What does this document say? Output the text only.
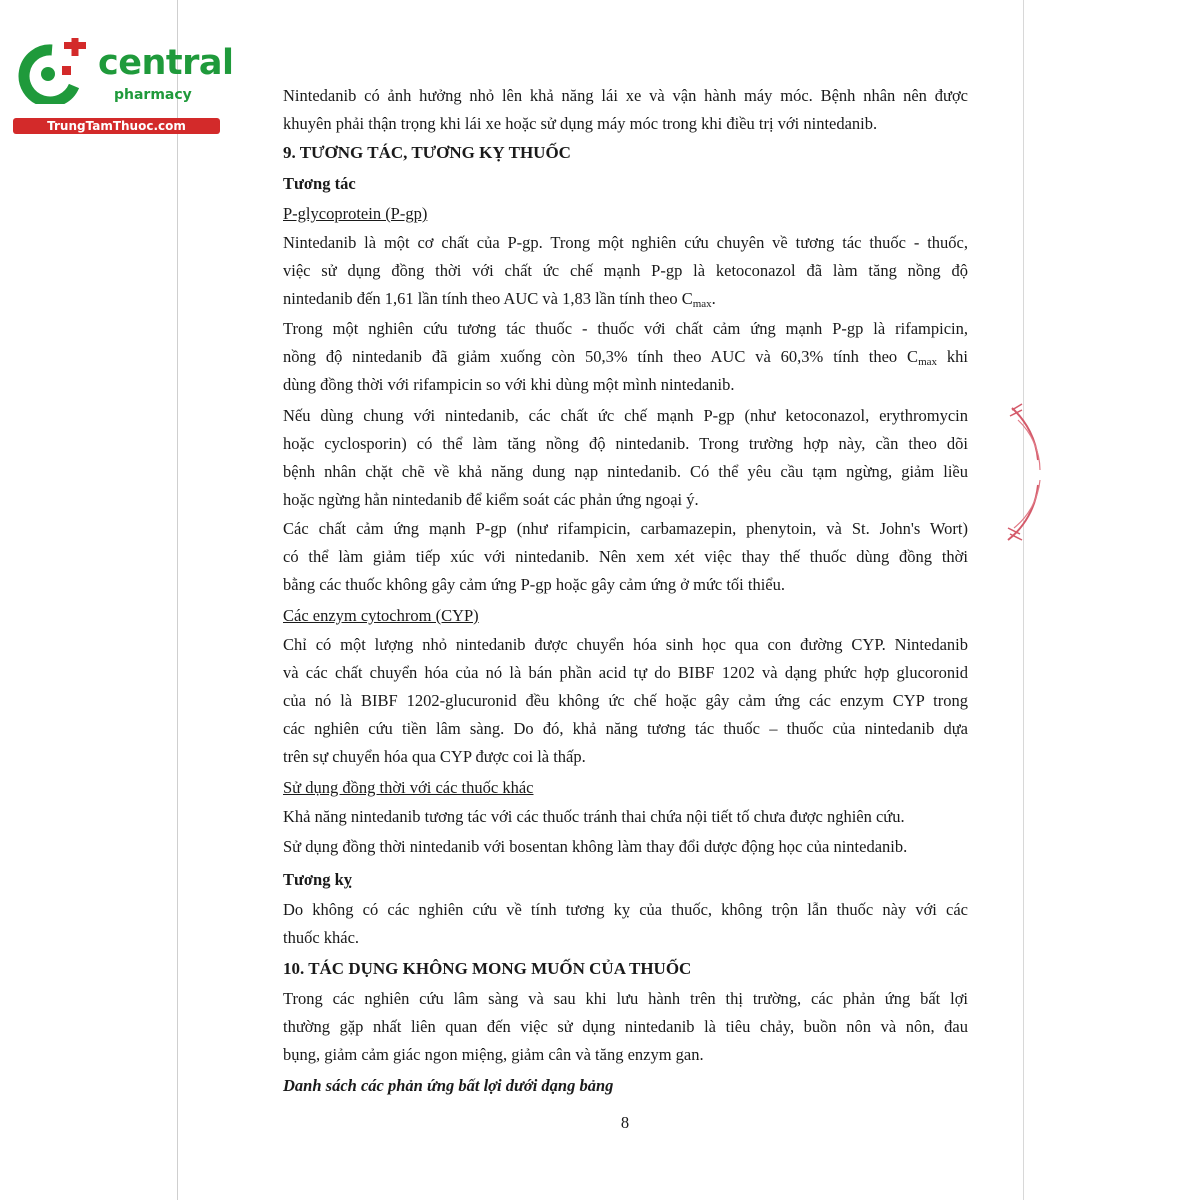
central
pharmacy
TrungTamThuoc.com
Nintedanib có ảnh hưởng nhỏ lên khả năng lái xe và vận hành máy móc. Bệnh nhân nên được
khuyên phải thận trọng khi lái xe hoặc sử dụng máy móc trong khi điều trị với nintedanib.
9. TƯƠNG TÁC, TƯƠNG KỴ THUỐC
Tương tác
P-glycoprotein (P-gp)
Nintedanib là một cơ chất của P-gp. Trong một nghiên cứu chuyên về tương tác thuốc - thuốc,
việc sử dụng đồng thời với chất ức chế mạnh P-gp là ketoconazol đã làm tăng nồng độ
nintedanib đến 1,61 lần tính theo AUC và 1,83 lần tính theo $C_{max}$.
Trong một nghiên cứu tương tác thuốc - thuốc với chất cảm ứng mạnh P-gp là rifampicin,
nồng độ nintedanib đã giảm xuống còn 50,3% tính theo AUC và 60,3% tính theo $C_{max}$ khi
dùng đồng thời với rifampicin so với khi dùng một mình nintedanib.
Nếu dùng chung với nintedanib, các chất ức chế mạnh P-gp (như ketoconazol, erythromycin
hoặc cyclosporin) có thể làm tăng nồng độ nintedanib. Trong trường hợp này, cần theo dõi
bệnh nhân chặt chẽ về khả năng dung nạp nintedanib. Có thể yêu cầu tạm ngừng, giảm liều
hoặc ngừng hẳn nintedanib để kiểm soát các phản ứng ngoại ý.
Các chất cảm ứng mạnh P-gp (như rifampicin, carbamazepin, phenytoin, và St. John's Wort)
có thể làm giảm tiếp xúc với nintedanib. Nên xem xét việc thay thế thuốc dùng đồng thời
bằng các thuốc không gây cảm ứng P-gp hoặc gây cảm ứng ở mức tối thiểu.
Các enzym cytochrom (CYP)
Chỉ có một lượng nhỏ nintedanib được chuyển hóa sinh học qua con đường CYP. Nintedanib
và các chất chuyển hóa của nó là bán phần acid tự do BIBF 1202 và dạng phức hợp glucoronid
của nó là BIBF 1202-glucuronid đều không ức chế hoặc gây cảm ứng các enzym CYP trong
các nghiên cứu tiền lâm sàng. Do đó, khả năng tương tác thuốc – thuốc của nintedanib dựa
trên sự chuyển hóa qua CYP được coi là thấp.
Sử dụng đồng thời với các thuốc khác
Khả năng nintedanib tương tác với các thuốc tránh thai chứa nội tiết tố chưa được nghiên cứu.
Sử dụng đồng thời nintedanib với bosentan không làm thay đổi dược động học của nintedanib.
Tương kỵ
Do không có các nghiên cứu về tính tương kỵ của thuốc, không trộn lẫn thuốc này với các
thuốc khác.
10. TÁC DỤNG KHÔNG MONG MUỐN CỦA THUỐC
Trong các nghiên cứu lâm sàng và sau khi lưu hành trên thị trường, các phản ứng bất lợi
thường gặp nhất liên quan đến việc sử dụng nintedanib là tiêu chảy, buồn nôn và nôn, đau
bụng, giảm cảm giác ngon miệng, giảm cân và tăng enzym gan.
Danh sách các phản ứng bất lợi dưới dạng bảng
8
